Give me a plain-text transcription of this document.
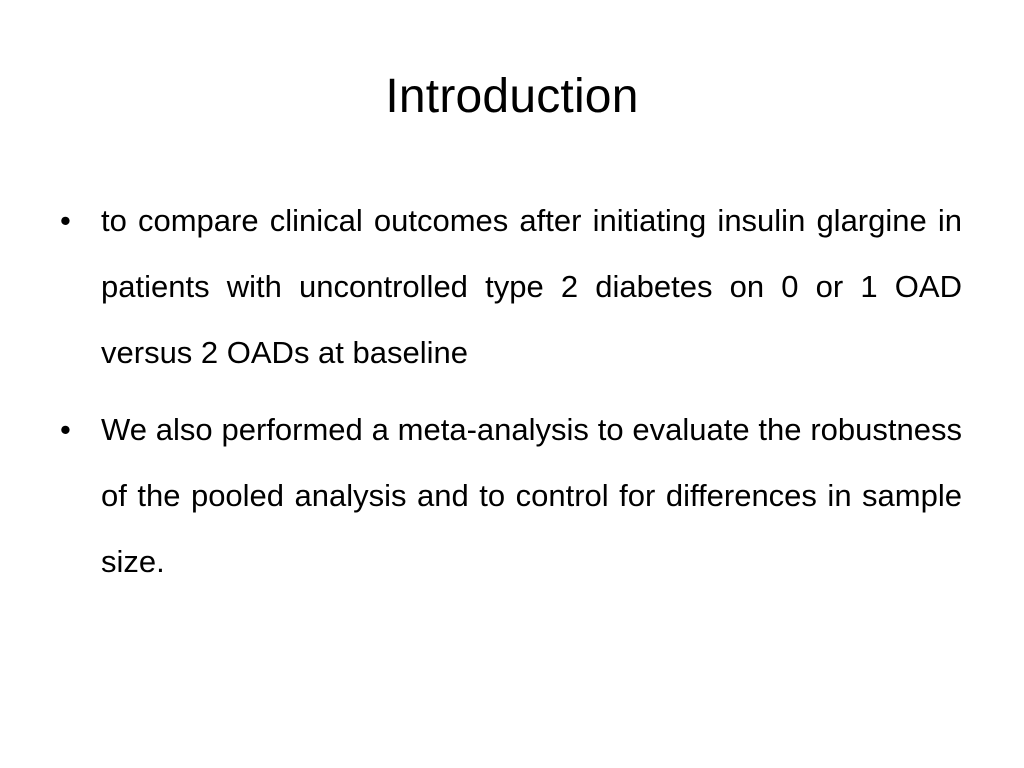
Introduction
• to compare clinical outcomes after initiating insulin glargine in patients with uncontrolled type 2 diabetes on 0 or 1 OAD versus 2 OADs at baseline
• We also performed a meta-analysis to evaluate the robustness of the pooled analysis and to control for differences in sample size.
